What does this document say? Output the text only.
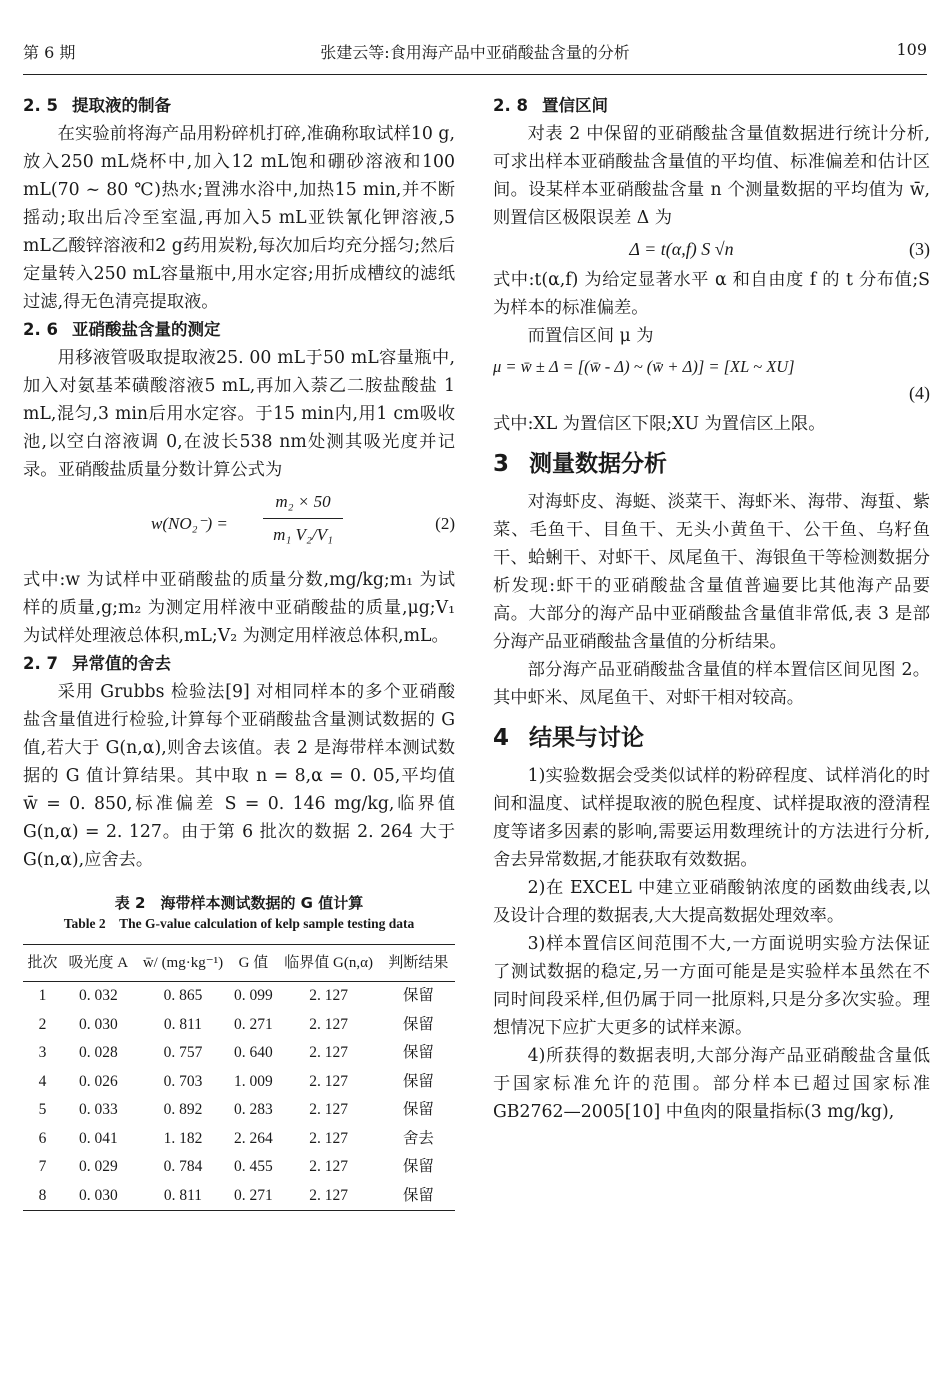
第 6 期	张建云等:食用海产品中亚硝酸盐含量的分析	109
2. 5 提取液的制备

在实验前将海产品用粉碎机打碎,准确称取试样10 g,放入250 mL烧杯中,加入12 mL饱和硼砂溶液和100 mL(70 ~ 80 ℃)热水;置沸水浴中,加热15 min,并不断摇动;取出后冷至室温,再加入5 mL亚铁氰化钾溶液,5 mL乙酸锌溶液和2 g药用炭粉,每次加后均充分摇匀;然后定量转入250 mL容量瓶中,用水定容;用折成槽纹的滤纸过滤,得无色清亮提取液。

2. 6 亚硝酸盐含量的测定

用移液管吸取提取液25. 00 mL于50 mL容量瓶中,加入对氨基苯磺酸溶液5 mL,再加入萘乙二胺盐酸盐 1 mL,混匀,3 min后用水定容。于15 min内,用1 cm吸收池,以空白溶液调 0,在波长538 nm处测其吸光度并记录。亚硝酸盐质量分数计算公式为

w(NO₂⁻) =
m₂ × 50
m₁ V₂/V₁
(2)

式中:w 为试样中亚硝酸盐的质量分数,mg/kg;m₁ 为试样的质量,g;m₂ 为测定用样液中亚硝酸盐的质量,μg;V₁ 为试样处理液总体积,mL;V₂ 为测定用样液总体积,mL。

2. 7 异常值的舍去

采用 Grubbs 检验法[9] 对相同样本的多个亚硝酸盐含量值进行检验,计算每个亚硝酸盐含量测试数据的 G 值,若大于 G(n,α),则舍去该值。表 2 是海带样本测试数据的 G 值计算结果。其中取 n = 8,α = 0. 05,平均值 w̄ = 0. 850,标准偏差 S = 0. 146 mg/kg,临界值 G(n,α) = 2. 127。由于第 6 批次的数据 2. 264 大于 G(n,α),应舍去。

表 2　海带样本测试数据的 G 值计算
Table 2　The G-value calculation of kelp sample testing data
批次	吸光度 A	w̄/ (mg·kg⁻¹)	G 值	临界值 G(n,α)	判断结果
1	0. 032	0. 865	0. 099	2. 127	保留
2	0. 030	0. 811	0. 271	2. 127	保留
3	0. 028	0. 757	0. 640	2. 127	保留
4	0. 026	0. 703	1. 009	2. 127	保留
5	0. 033	0. 892	0. 283	2. 127	保留
6	0. 041	1. 182	2. 264	2. 127	舍去
7	0. 029	0. 784	0. 455	2. 127	保留
8	0. 030	0. 811	0. 271	2. 127	保留
2. 8 置信区间

对表 2 中保留的亚硝酸盐含量值数据进行统计分析,可求出样本亚硝酸盐含量值的平均值、标准偏差和估计区间。设某样本亚硝酸盐含量 n 个测量数据的平均值为 w̄,则置信区极限误差 Δ 为

Δ = t(α,f) S √n	(3)

式中:t(α,f) 为给定显著水平 α 和自由度 f 的 t 分布值;S 为样本的标准偏差。

而置信区间 μ 为

μ = w̄ ± Δ = [(w̄ - Δ) ~ (w̄ + Δ)] = [XL ~ XU]
(4)

式中:XL 为置信区下限;XU 为置信区上限。

3 测量数据分析

对海虾皮、海蜓、淡菜干、海虾米、海带、海蜇、紫菜、毛鱼干、目鱼干、无头小黄鱼干、公干鱼、乌籽鱼干、蛤蜊干、对虾干、凤尾鱼干、海银鱼干等检测数据分析发现:虾干的亚硝酸盐含量值普遍要比其他海产品要高。大部分的海产品中亚硝酸盐含量值非常低,表 3 是部分海产品亚硝酸盐含量值的分析结果。

部分海产品亚硝酸盐含量值的样本置信区间见图 2。其中虾米、凤尾鱼干、对虾干相对较高。

4 结果与讨论

1)实验数据会受类似试样的粉碎程度、试样消化的时间和温度、试样提取液的脱色程度、试样提取液的澄清程度等诸多因素的影响,需要运用数理统计的方法进行分析,舍去异常数据,才能获取有效数据。

2)在 EXCEL 中建立亚硝酸钠浓度的函数曲线表,以及设计合理的数据表,大大提高数据处理效率。

3)样本置信区间范围不大,一方面说明实验方法保证了测试数据的稳定,另一方面可能是是实验样本虽然在不同时间段采样,但仍属于同一批原料,只是分多次实验。理想情况下应扩大更多的试样来源。

4)所获得的数据表明,大部分海产品亚硝酸盐含量低于国家标准允许的范围。部分样本已超过国家标准 GB2762—2005[10] 中鱼肉的限量指标(3 mg/kg),
